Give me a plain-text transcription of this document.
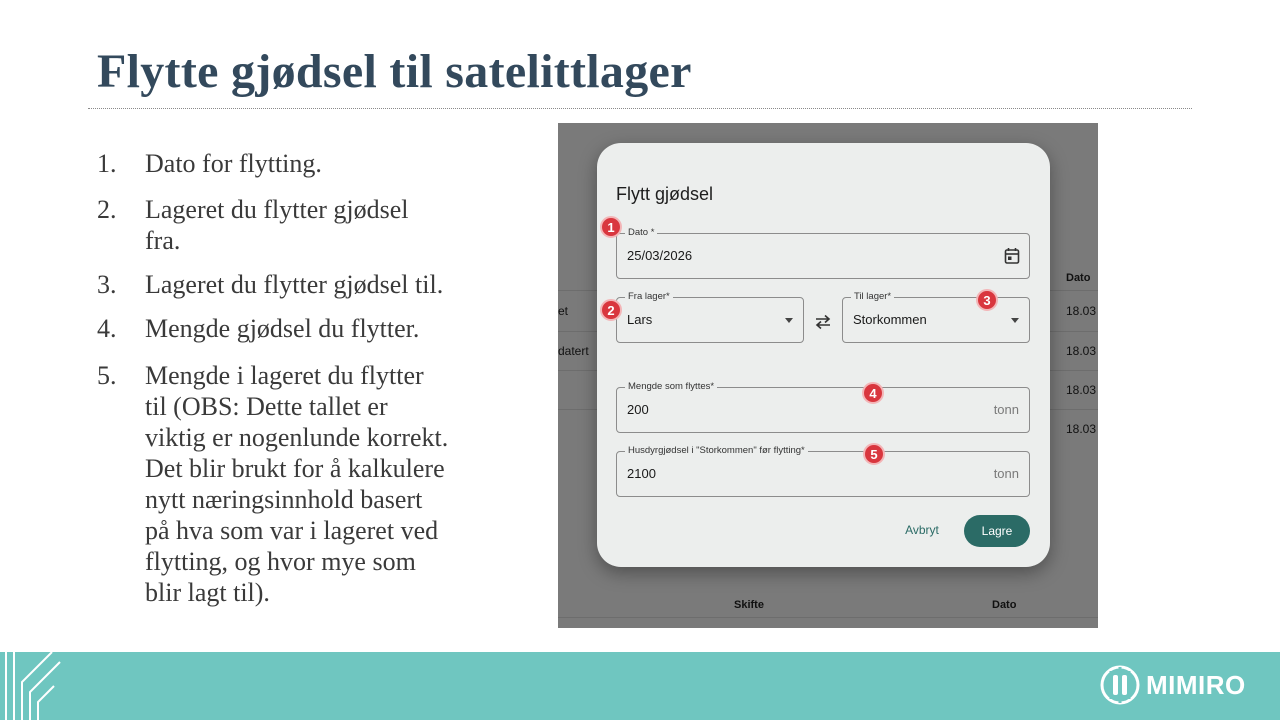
Flytte gjødsel til satelittlager
1. Dato for flytting.
2. Lageret du flytter gjødsel
fra.
3. Lageret du flytter gjødsel til.
4. Mengde gjødsel du flytter.
5. Mengde i lageret du flytter
til (OBS: Dette tallet er
viktig er nogenlunde korrekt.
Det blir brukt for å kalkulere
nytt næringsinnhold basert
på hva som var i lageret ved
flytting, og hvor mye som
blir lagt til).
Dato
et	18.03
datert	18.03
18.03
18.03
Skifte	Dato
Flytt gjødsel
Dato *
25/03/2026
Fra lager*
Lars
Til lager*
Storkommen
Mengde som flyttes*
200	tonn
Husdyrgjødsel i "Storkommen" før flytting*
2100	tonn
Avbryt	Lagre
1
2
3
4
5
MIMIRO
